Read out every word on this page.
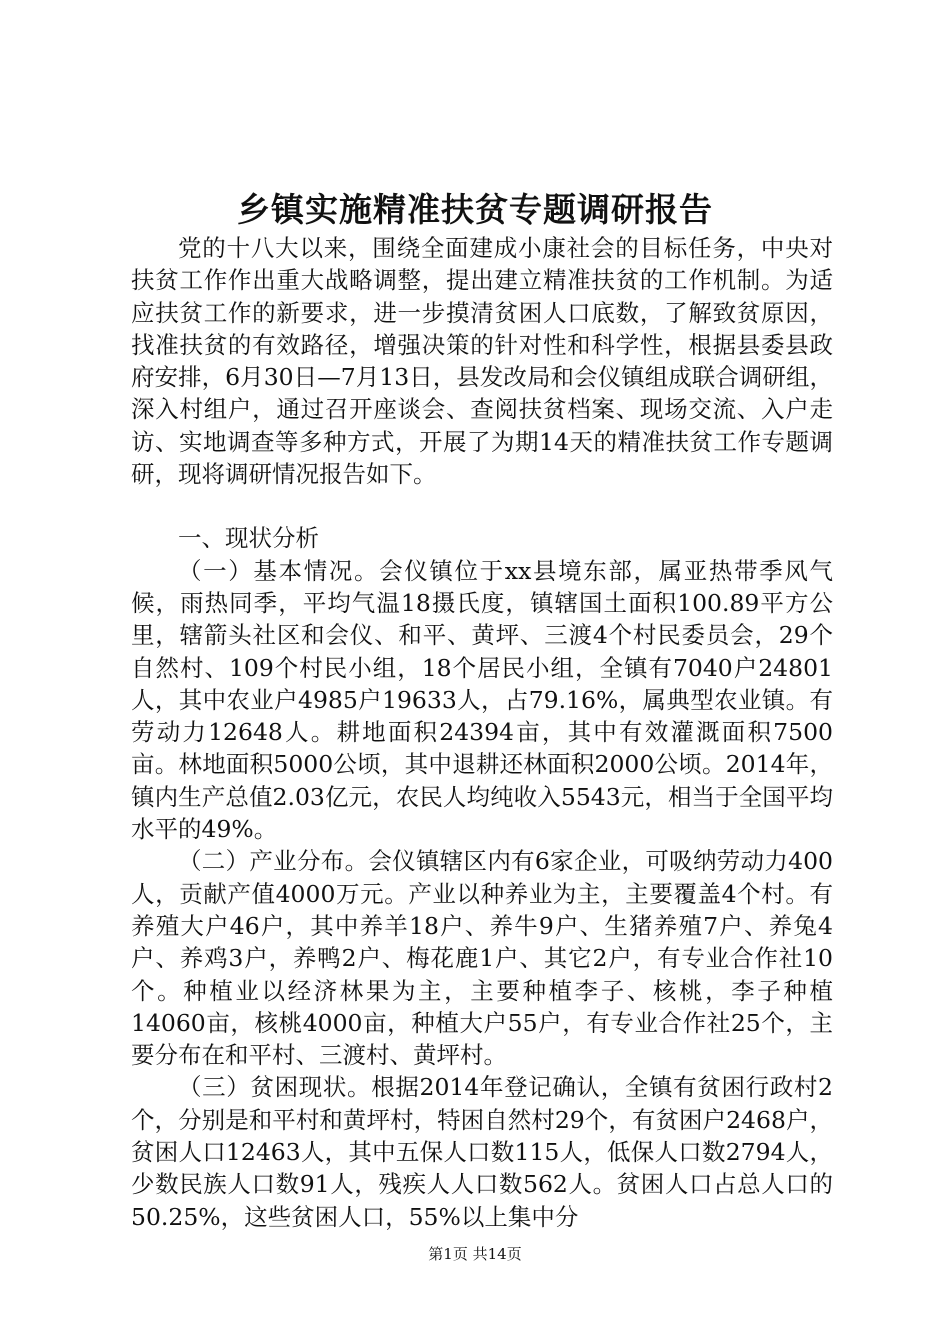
乡镇实施精准扶贫专题调研报告

党的十八大以来，围绕全面建成小康社会的目标任务，中央对扶贫工作作出重大战略调整，提出建立精准扶贫的工作机制。为适应扶贫工作的新要求，进一步摸清贫困人口底数，了解致贫原因，找准扶贫的有效路径，增强决策的针对性和科学性，根据县委县政府安排，6月30日—7月13日，县发改局和会仪镇组成联合调研组，深入村组户，通过召开座谈会、查阅扶贫档案、现场交流、入户走访、实地调查等多种方式，开展了为期14天的精准扶贫工作专题调研，现将调研情况报告如下。

一、现状分析

（一）基本情况。会仪镇位于xx县境东部，属亚热带季风气候，雨热同季，平均气温18摄氏度，镇辖国土面积100.89平方公里，辖箭头社区和会仪、和平、黄坪、三渡4个村民委员会，29个自然村、109个村民小组，18个居民小组，全镇有7040户24801人，其中农业户4985户19633人，占79.16%，属典型农业镇。有劳动力12648人。耕地面积24394亩，其中有效灌溉面积7500亩。林地面积5000公顷，其中退耕还林面积2000公顷。2014年，镇内生产总值2.03亿元，农民人均纯收入5543元，相当于全国平均水平的49%。

（二）产业分布。会仪镇辖区内有6家企业，可吸纳劳动力400人，贡献产值4000万元。产业以种养业为主，主要覆盖4个村。有养殖大户46户，其中养羊18户、养牛9户、生猪养殖7户、养兔4户、养鸡3户，养鸭2户、梅花鹿1户、其它2户，有专业合作社10个。种植业以经济林果为主，主要种植李子、核桃，李子种植14060亩，核桃4000亩，种植大户55户，有专业合作社25个，主要分布在和平村、三渡村、黄坪村。

（三）贫困现状。根据2014年登记确认，全镇有贫困行政村2个，分别是和平村和黄坪村，特困自然村29个，有贫困户2468户，贫困人口12463人，其中五保人口数115人，低保人口数2794人，少数民族人口数91人，残疾人人口数562人。贫困人口占总人口的50.25%，这些贫困人口，55%以上集中分

第1页 共14页
